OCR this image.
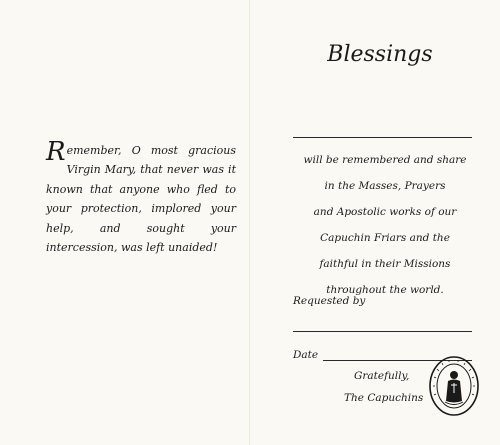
Remember, O most gracious Virgin Mary, that never was it known that anyone who fled to your protection, implored your help, and sought your intercession, was left unaided!
Blessings
will be remembered and share
in the Masses, Prayers
and Apostolic works of our
Capuchin Friars and the
faithful in their Missions
throughout the world.
Requested by
Date
Gratefully,
The Capuchins
